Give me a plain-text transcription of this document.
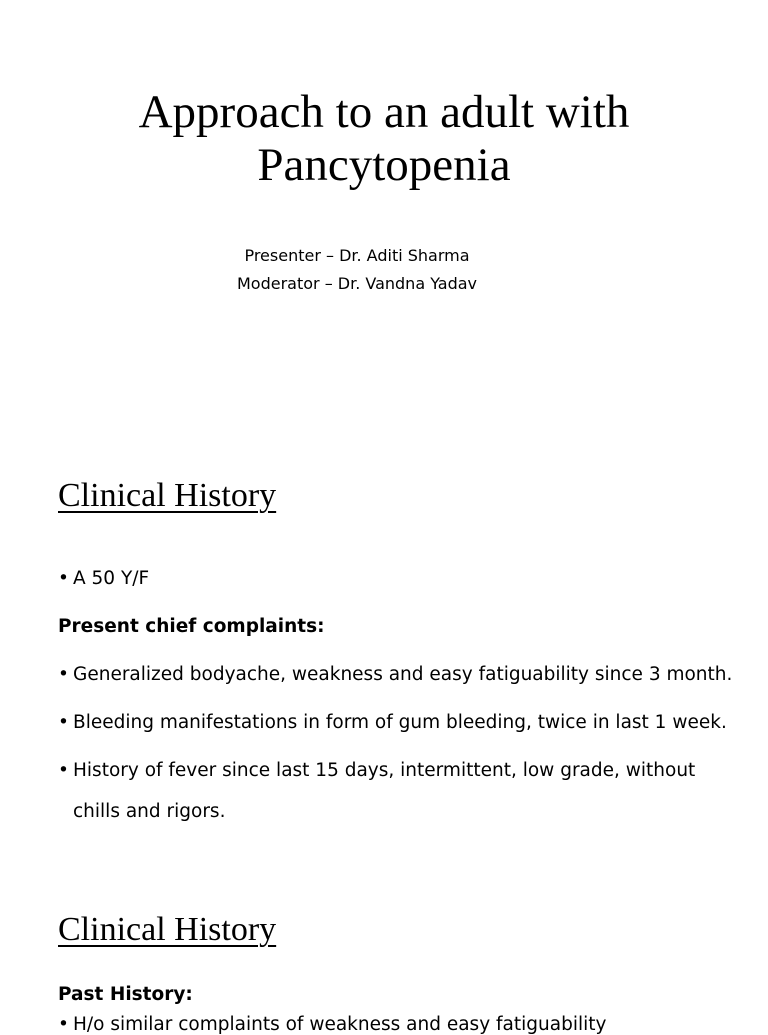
Approach to an adult with
Pancytopenia
Presenter – Dr. Aditi Sharma
Moderator – Dr. Vandna Yadav
Clinical History
• A 50 Y/F
Present chief complaints:
• Generalized bodyache, weakness and easy fatiguability since 3 month.
• Bleeding manifestations in form of gum bleeding, twice in last 1 week.
• History of fever since last 15 days, intermittent, low grade, without
chills and rigors.
Clinical History
Past History:
• H/o similar complaints of weakness and easy fatiguability
